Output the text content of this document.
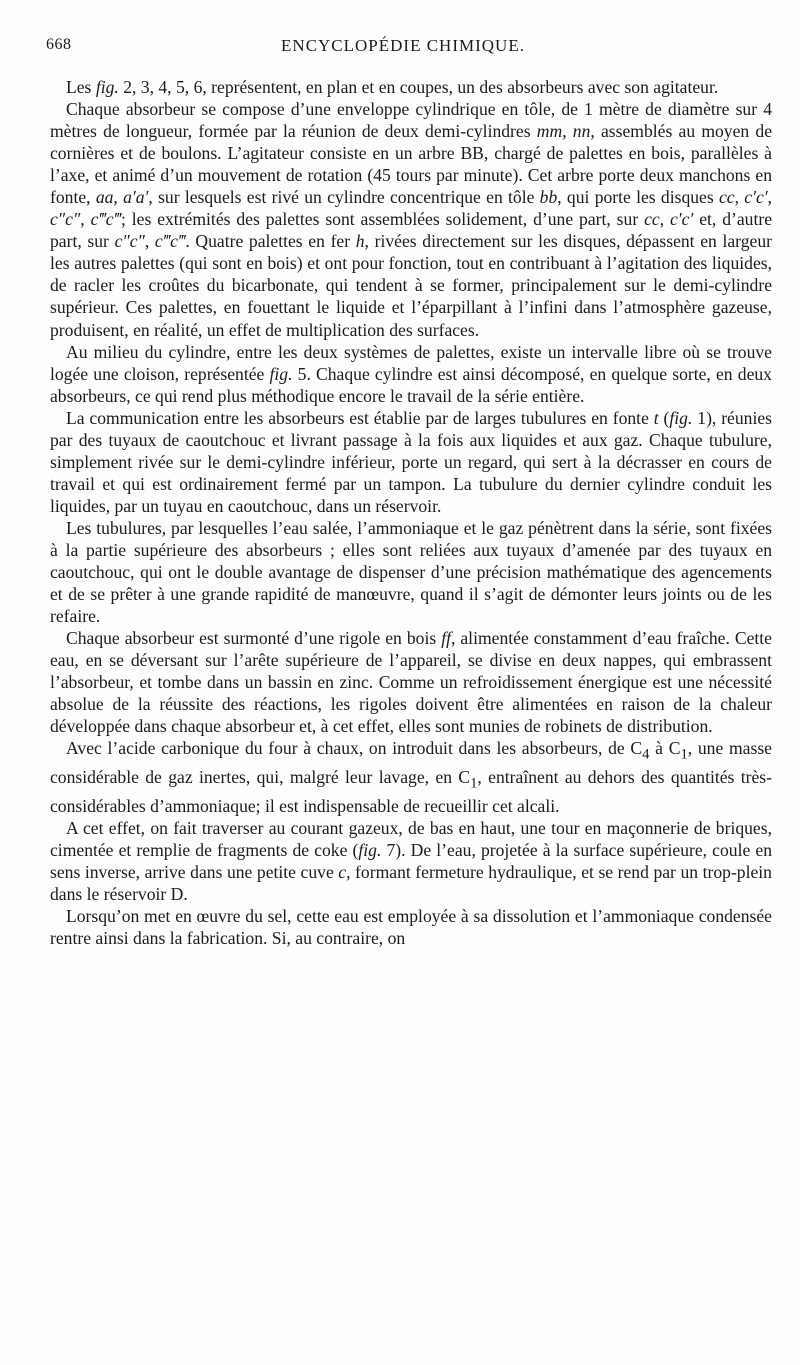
668	ENCYCLOPÉDIE CHIMIQUE.

Les fig. 2, 3, 4, 5, 6, représentent, en plan et en coupes, un des absorbeurs avec son agitateur.

Chaque absorbeur se compose d’une enveloppe cylindrique en tôle, de 1 mètre de diamètre sur 4 mètres de longueur, formée par la réunion de deux demi-cylindres mm, nn, assemblés au moyen de cornières et de boulons. L’agitateur consiste en un arbre BB, chargé de palettes en bois, parallèles à l’axe, et animé d’un mouvement de rotation (45 tours par minute). Cet arbre porte deux manchons en fonte, aa, a′a′, sur lesquels est rivé un cylindre concentrique en tôle bb, qui porte les disques cc, c′c′, c″c″, c‴c‴; les extrémités des palettes sont assemblées solidement, d’une part, sur cc, c′c′ et, d’autre part, sur c″c″, c‴c‴. Quatre palettes en fer h, rivées directement sur les disques, dépassent en largeur les autres palettes (qui sont en bois) et ont pour fonction, tout en contribuant à l’agitation des liquides, de racler les croûtes du bicarbonate, qui tendent à se former, principalement sur le demi-cylindre supérieur. Ces palettes, en fouettant le liquide et l’éparpillant à l’infini dans l’atmosphère gazeuse, produisent, en réalité, un effet de multiplication des surfaces.

Au milieu du cylindre, entre les deux systèmes de palettes, existe un intervalle libre où se trouve logée une cloison, représentée fig. 5. Chaque cylindre est ainsi décomposé, en quelque sorte, en deux absorbeurs, ce qui rend plus méthodique encore le travail de la série entière.

La communication entre les absorbeurs est établie par de larges tubulures en fonte t (fig. 1), réunies par des tuyaux de caoutchouc et livrant passage à la fois aux liquides et aux gaz. Chaque tubulure, simplement rivée sur le demi-cylindre inférieur, porte un regard, qui sert à la décrasser en cours de travail et qui est ordinairement fermé par un tampon. La tubulure du dernier cylindre conduit les liquides, par un tuyau en caoutchouc, dans un réservoir.

Les tubulures, par lesquelles l’eau salée, l’ammoniaque et le gaz pénètrent dans la série, sont fixées à la partie supérieure des absorbeurs ; elles sont reliées aux tuyaux d’amenée par des tuyaux en caoutchouc, qui ont le double avantage de dispenser d’une précision mathématique des agencements et de se prêter à une grande rapidité de manœuvre, quand il s’agit de démonter leurs joints ou de les refaire.

Chaque absorbeur est surmonté d’une rigole en bois ff, alimentée constamment d’eau fraîche. Cette eau, en se déversant sur l’arête supérieure de l’appareil, se divise en deux nappes, qui embrassent l’absorbeur, et tombe dans un bassin en zinc. Comme un refroidissement énergique est une nécessité absolue de la réussite des réactions, les rigoles doivent être alimentées en raison de la chaleur développée dans chaque absorbeur et, à cet effet, elles sont munies de robinets de distribution.

Avec l’acide carbonique du four à chaux, on introduit dans les absorbeurs, de $C_4$ à $C_1$, une masse considérable de gaz inertes, qui, malgré leur lavage, en $C_1$, entraînent au dehors des quantités très-considérables d’ammoniaque; il est indispensable de recueillir cet alcali.

A cet effet, on fait traverser au courant gazeux, de bas en haut, une tour en maçonnerie de briques, cimentée et remplie de fragments de coke (fig. 7). De l’eau, projetée à la surface supérieure, coule en sens inverse, arrive dans une petite cuve c, formant fermeture hydraulique, et se rend par un trop-plein dans le réservoir D.

Lorsqu’on met en œuvre du sel, cette eau est employée à sa dissolution et l’ammoniaque condensée rentre ainsi dans la fabrication. Si, au contraire, on
